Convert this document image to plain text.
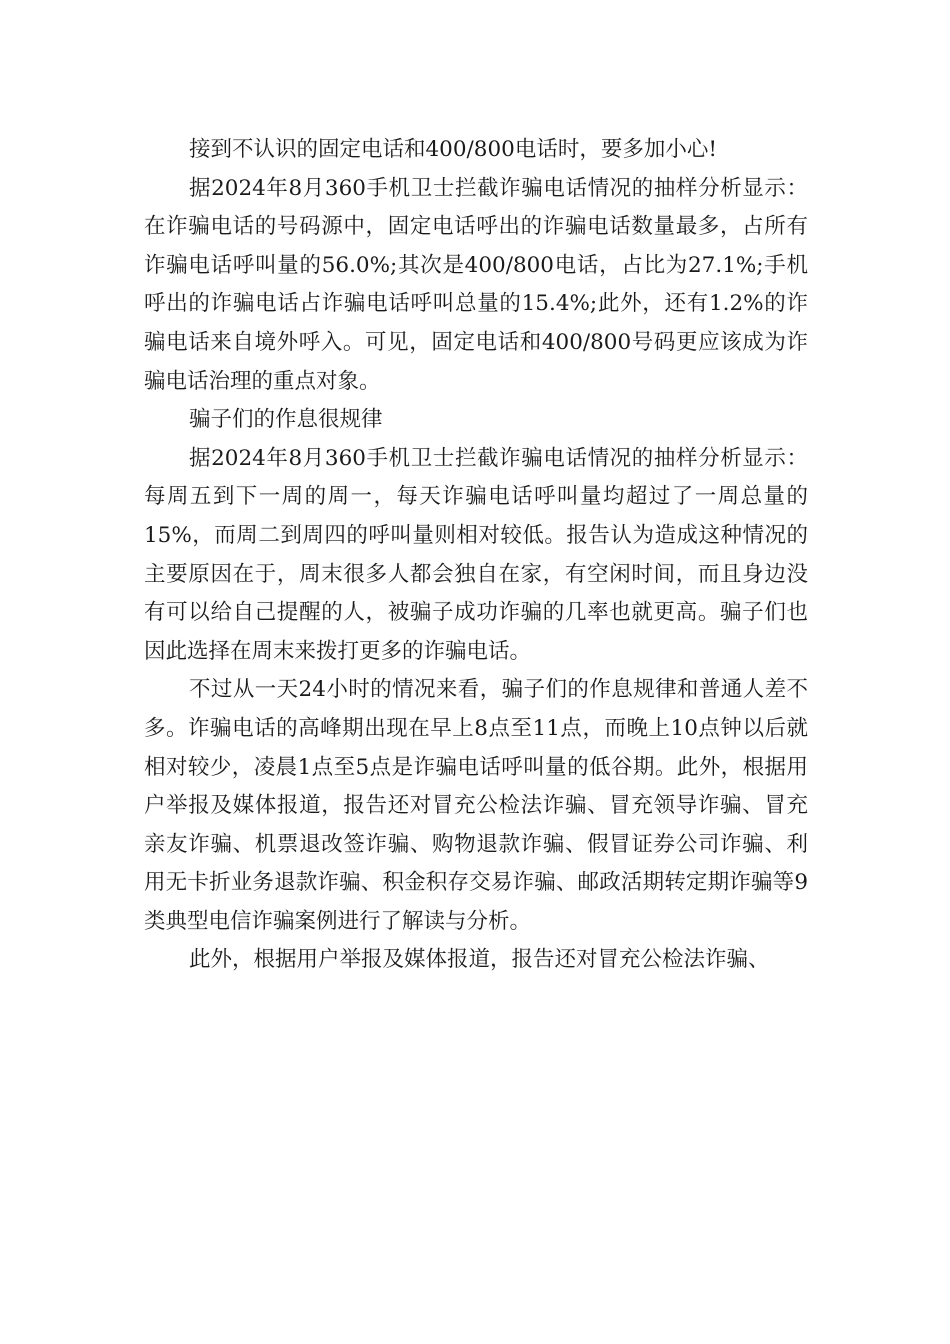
接到不认识的固定电话和400/800电话时，要多加小心!

据2024年8月360手机卫士拦截诈骗电话情况的抽样分析显示：在诈骗电话的号码源中，固定电话呼出的诈骗电话数量最多，占所有诈骗电话呼叫量的56.0%;其次是400/800电话，占比为27.1%;手机呼出的诈骗电话占诈骗电话呼叫总量的15.4%;此外，还有1.2%的诈骗电话来自境外呼入。可见，固定电话和400/800号码更应该成为诈骗电话治理的重点对象。

骗子们的作息很规律

据2024年8月360手机卫士拦截诈骗电话情况的抽样分析显示：每周五到下一周的周一，每天诈骗电话呼叫量均超过了一周总量的15%，而周二到周四的呼叫量则相对较低。报告认为造成这种情况的主要原因在于，周末很多人都会独自在家，有空闲时间，而且身边没有可以给自己提醒的人，被骗子成功诈骗的几率也就更高。骗子们也因此选择在周末来拨打更多的诈骗电话。

不过从一天24小时的情况来看，骗子们的作息规律和普通人差不多。诈骗电话的高峰期出现在早上8点至11点，而晚上10点钟以后就相对较少，凌晨1点至5点是诈骗电话呼叫量的低谷期。此外，根据用户举报及媒体报道，报告还对冒充公检法诈骗、冒充领导诈骗、冒充亲友诈骗、机票退改签诈骗、购物退款诈骗、假冒证券公司诈骗、利用无卡折业务退款诈骗、积金积存交易诈骗、邮政活期转定期诈骗等9类典型电信诈骗案例进行了解读与分析。

此外，根据用户举报及媒体报道，报告还对冒充公检法诈骗、
